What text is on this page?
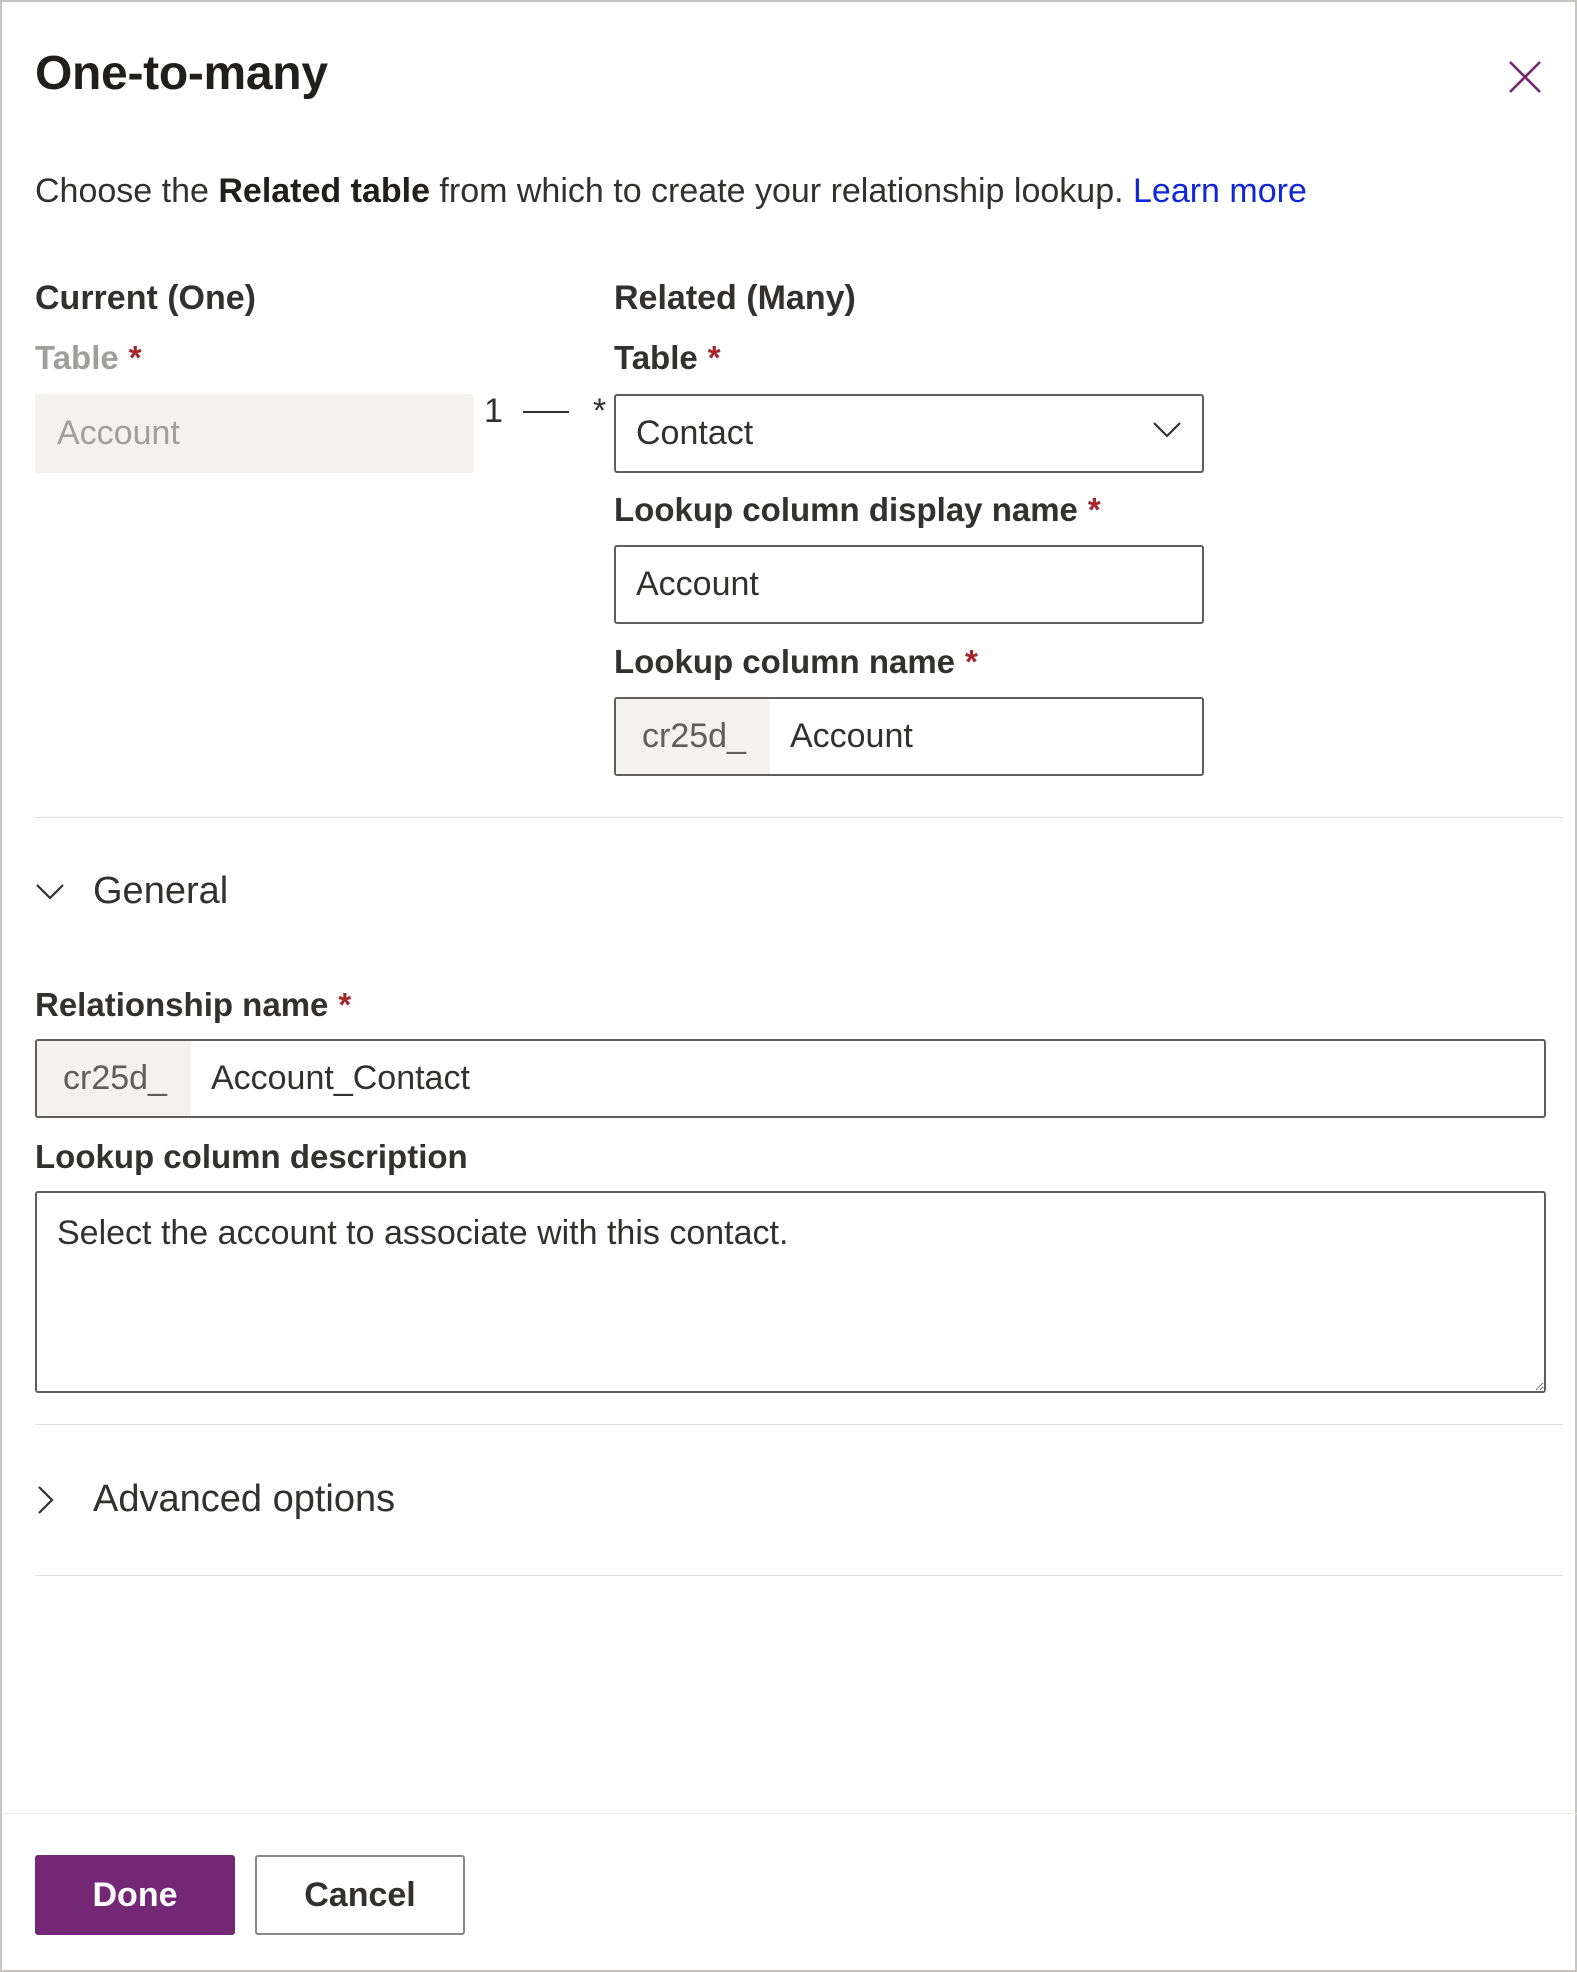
One-to-many
Choose the Related table from which to create your relationship lookup. Learn more
Current (One)
Table *
Account
1	*
Related (Many)
Table *
Contact
Lookup column display name *
Account
Lookup column name *
cr25d_	Account
General
Relationship name *
cr25d_	Account_Contact
Lookup column description
Select the account to associate with this contact.
Advanced options
Done	Cancel
